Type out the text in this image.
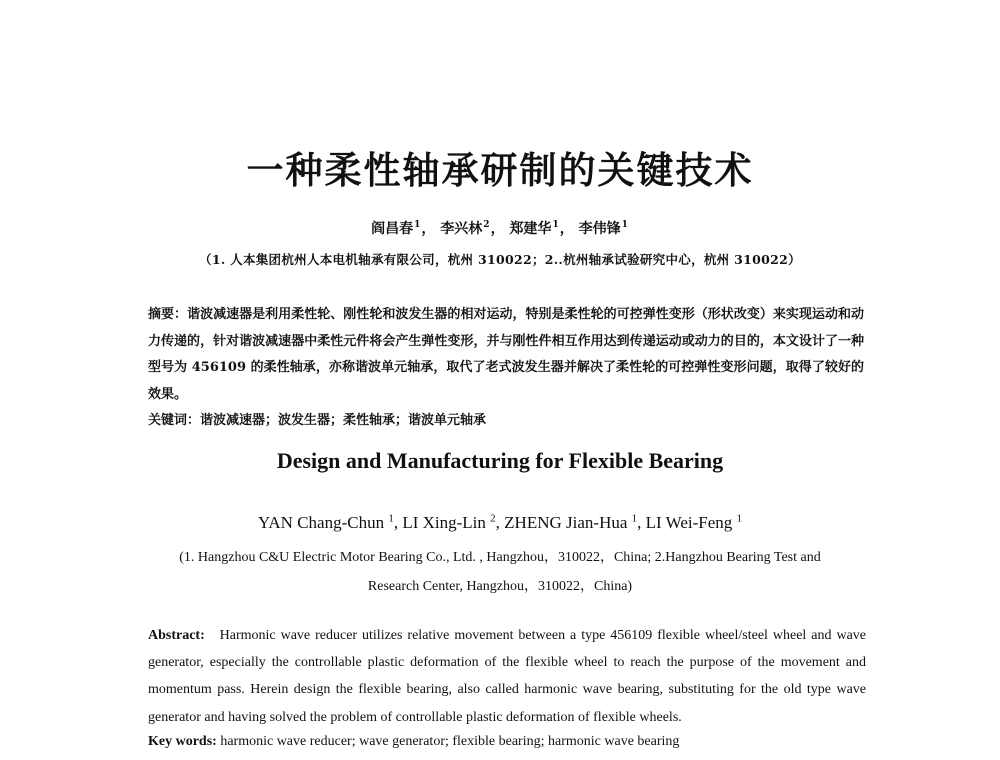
一种柔性轴承研制的关键技术
阎昌春$^1$， 李兴林$^2$， 郑建华$^1$， 李伟锋$^1$
（1. 人本集团杭州人本电机轴承有限公司，杭州 310022；2..杭州轴承试验研究中心，杭州 310022）

摘要：谐波减速器是利用柔性轮、刚性轮和波发生器的相对运动，特别是柔性轮的可控弹性变形（形状改变）来实现运动和动力传递的，针对谐波减速器中柔性元件将会产生弹性变形，并与刚性件相互作用达到传递运动或动力的目的，本文设计了一种型号为 456109 的柔性轴承，亦称谐波单元轴承，取代了老式波发生器并解决了柔性轮的可控弹性变形问题，取得了较好的效果。

关键词：谐波减速器；波发生器；柔性轴承；谐波单元轴承

Design and Manufacturing for Flexible Bearing
YAN Chang-Chun $^1$, LI Xing-Lin $^2$, ZHENG Jian-Hua $^1$, LI Wei-Feng $^1$
(1. Hangzhou C&U Electric Motor Bearing Co., Ltd. , Hangzhou，310022，China; 2.Hangzhou Bearing Test and
Research Center, Hangzhou，310022，China)

Abstract: Harmonic wave reducer utilizes relative movement between a type 456109 flexible wheel/steel wheel and wave generator, especially the controllable plastic deformation of the flexible wheel to reach the purpose of the movement and momentum pass. Herein design the flexible bearing, also called harmonic wave bearing, substituting for the old type wave generator and having solved the problem of controllable plastic deformation of flexible wheels.

Key words: harmonic wave reducer; wave generator; flexible bearing; harmonic wave bearing
